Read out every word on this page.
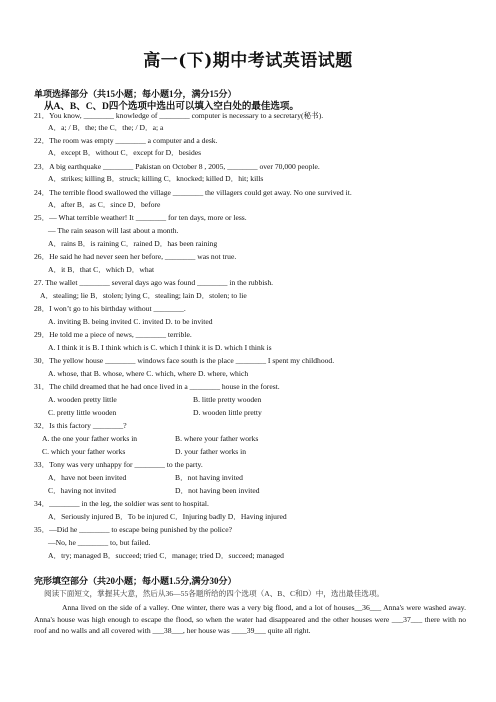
高一(下)期中考试英语试题
单项选择部分（共15小题；每小题1分，满分15分）
从A、B、C、D四个选项中选出可以填入空白处的最佳选项。
21．You know, ________ knowledge of ________ computer is necessary to a secretary(秘书).
A．a; / B．the; the C．the; / D．a; a
22．The room was empty ________ a computer and a desk.
A．except B．without C．except for D．besides
23．A big earthquake ________ Pakistan on October 8 , 2005, ________ over 70,000 people.
A．strikes; killing B．struck; killing C．knocked; killed D．hit; kills
24．The terrible flood swallowed the village ________ the villagers could get away. No one survived it.
A．after B．as C．since D．before
25．— What terrible weather! It ________ for ten days, more or less.
— The rain season will last about a month.
A．rains B．is raining C．rained D．has been raining
26．He said he had never seen her before, ________ was not true.
A．it B．that C．which D．what
27. The wallet ________ several days ago was found ________ in the rubbish.
A．stealing; lie B．stolen; lying C．stealing; lain D．stolen; to lie
28．I won’t go to his birthday without ________.
A. inviting B. being invited C. invited D. to be invited
29．He told me a piece of news, ________ terrible.
A. I think it is B. I think which is C. which I think it is D. which I think is
30．The yellow house ________ windows face south is the place ________ I spent my childhood.
A. whose, that B. whose, where C. which, where D. where, which
31．The child dreamed that he had once lived in a ________ house in the forest.
A. wooden pretty little	B. little pretty wooden
C. pretty little wooden	D. wooden little pretty
32．Is this factory ________?
A. the one your father works in	B. where your father works
C. which your father works	D. your father works in
33．Tony was very unhappy for ________ to the party.
A．have not been invited	B．not having invited
C．having not invited	D．not having been invited
34．________ in the leg, the soldier was sent to hospital.
A．Seriously injured B．To be injured C．Injuring badly D．Having injured
35．—Did he ________ to escape being punished by the police?
—No, he ________ to, but failed.
A．try; managed B．succeed; tried C．manage; tried D．succeed; managed
完形填空部分（共20小题；每小题1.5分,满分30分）
阅读下面短文，掌握其大意，然后从36—55各题所给的四个选项（A、B、C和D）中，选出最佳选项。

Anna lived on the side of a valley. One winter, there was a very big flood, and a lot of houses__36___ Anna's were washed away. Anna's house was high enough to escape the flood, so when the water had disappeared and the other houses were ___37___ there with no roof and no walls and all covered with ___38___, her house was ____39___ quite all right.
